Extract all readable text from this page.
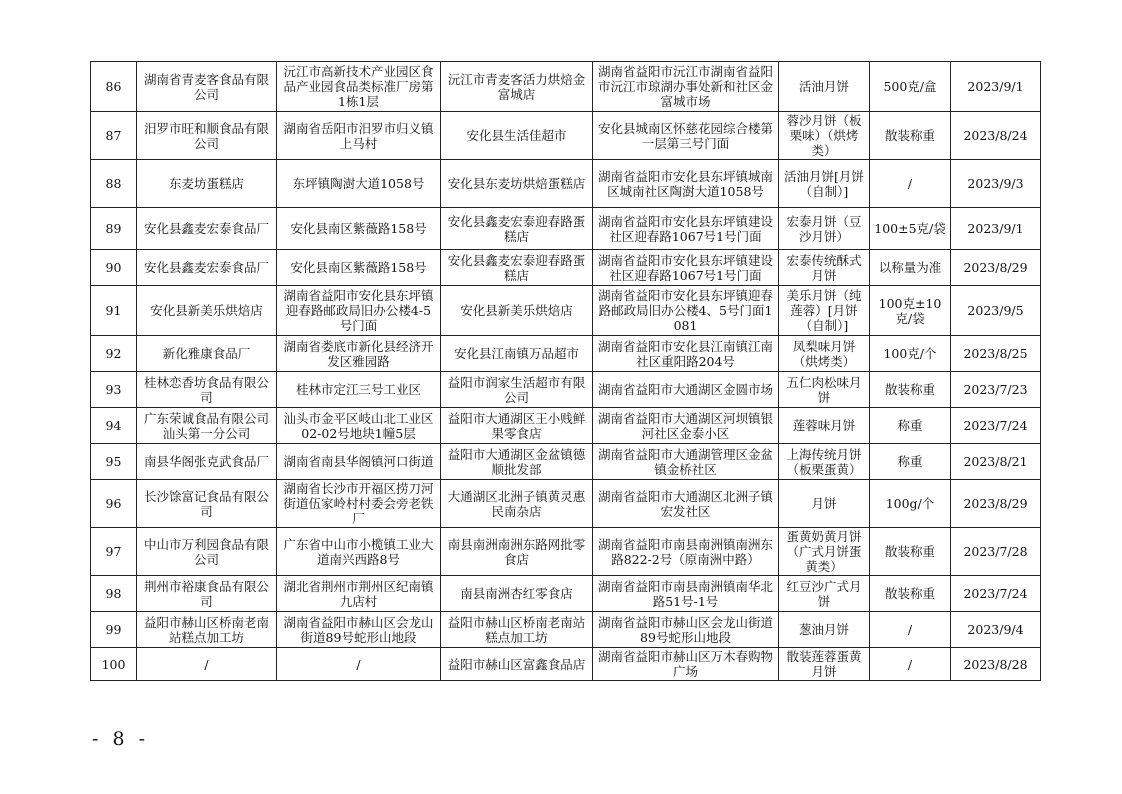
86	湖南省青麦客食品有限公司	沅江市高新技术产业园区食品产业园食品类标准厂房第1栋1层	沅江市青麦客活力烘焙金富城店	湖南省益阳市沅江市湖南省益阳市沅江市琼湖办事处新和社区金富城市场	活油月饼	500克/盒	2023/9/1
87	汨罗市旺和顺食品有限公司	湖南省岳阳市汨罗市归义镇上马村	安化县生活佳超市	安化县城南区怀慈花园综合楼第一层第三号门面	蓉沙月饼（板栗味）（烘烤类）	散装称重	2023/8/24
88	东麦坊蛋糕店	东坪镇陶澍大道1058号	安化县东麦坊烘焙蛋糕店	湖南省益阳市安化县东坪镇城南区城南社区陶澍大道1058号	活油月饼[月饼（自制）]	/	2023/9/3
89	安化县鑫麦宏泰食品厂	安化县南区紫薇路158号	安化县鑫麦宏泰迎春路蛋糕店	湖南省益阳市安化县东坪镇建设社区迎春路1067号1号门面	宏泰月饼（豆沙月饼）	100±5克/袋	2023/9/1
90	安化县鑫麦宏泰食品厂	安化县南区紫薇路158号	安化县鑫麦宏泰迎春路蛋糕店	湖南省益阳市安化县东坪镇建设社区迎春路1067号1号门面	宏泰传统酥式月饼	以称量为准	2023/8/29
91	安化县新美乐烘焙店	湖南省益阳市安化县东坪镇迎春路邮政局旧办公楼4-5号门面	安化县新美乐烘焙店	湖南省益阳市安化县东坪镇迎春路邮政局旧办公楼4、5号门面1081	美乐月饼（纯莲蓉）[月饼（自制）]	100克±10克/袋	2023/9/5
92	新化雅康食品厂	湖南省娄底市新化县经济开发区雅园路	安化县江南镇万品超市	湖南省益阳市安化县江南镇江南社区重阳路204号	凤梨味月饼（烘烤类）	100克/个	2023/8/25
93	桂林恋香坊食品有限公司	桂林市定江三号工业区	益阳市润家生活超市有限公司	湖南省益阳市大通湖区金圆市场	五仁肉松味月饼	散装称重	2023/7/23
94	广东荣诚食品有限公司汕头第一分公司	汕头市金平区岐山北工业区02-02号地块1幢5层	益阳市大通湖区王小贱鲜果零食店	湖南省益阳市大通湖区河坝镇银河社区金泰小区	莲蓉味月饼	称重	2023/7/24
95	南县华阁张克武食品厂	湖南省南县华阁镇河口街道	益阳市大通湖区金盆镇德顺批发部	湖南省益阳市大通湖管理区金盆镇金桥社区	上海传统月饼（板栗蛋黄）	称重	2023/8/21
96	长沙馀富记食品有限公司	湖南省长沙市开福区捞刀河街道伍家岭村村委会旁老铁厂	大通湖区北洲子镇黄灵惠民南杂店	湖南省益阳市大通湖区北洲子镇宏发社区	月饼	100g/个	2023/8/29
97	中山市万利园食品有限公司	广东省中山市小榄镇工业大道南兴西路8号	南县南洲南洲东路网批零食店	湖南省益阳市南县南洲镇南洲东路822-2号（原南洲中路）	蛋黄奶黄月饼（广式月饼蛋黄类）	散装称重	2023/7/28
98	荆州市裕康食品有限公司	湖北省荆州市荆州区纪南镇九店村	南县南洲杏红零食店	湖南省益阳市南县南洲镇南华北路51号-1号	红豆沙广式月饼	散装称重	2023/7/24
99	益阳市赫山区桥南老南站糕点加工坊	湖南省益阳市赫山区会龙山街道89号蛇形山地段	益阳市赫山区桥南老南站糕点加工坊	湖南省益阳市赫山区会龙山街道89号蛇形山地段	葱油月饼	/	2023/9/4
100	/	/	益阳市赫山区富鑫食品店	湖南省益阳市赫山区万木春购物广场	散装莲蓉蛋黄月饼	/	2023/8/28
- 8 -
